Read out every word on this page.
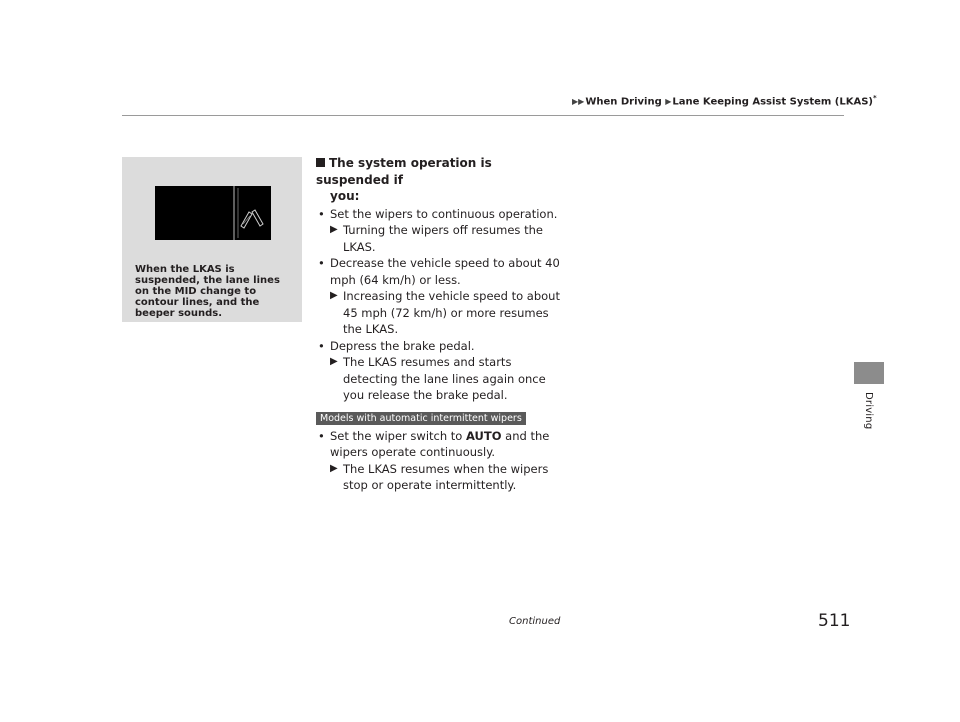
▶▶When Driving ▶Lane Keeping Assist System (LKAS)*
Driving
When the LKAS is suspended, the lane lines on the MID change to contour lines, and the beeper sounds.
The system operation is suspended if
you:
• Set the wipers to continuous operation.
▶ Turning the wipers off resumes the LKAS.
• Decrease the vehicle speed to about 40 mph (64 km/h) or less.
▶ Increasing the vehicle speed to about 45 mph (72 km/h) or more resumes the LKAS.
• Depress the brake pedal.
▶ The LKAS resumes and starts detecting the lane lines again once you release the brake pedal.
Models with automatic intermittent wipers
• Set the wiper switch to AUTO and the wipers operate continuously.
▶ The LKAS resumes when the wipers stop or operate intermittently.
Continued	511
